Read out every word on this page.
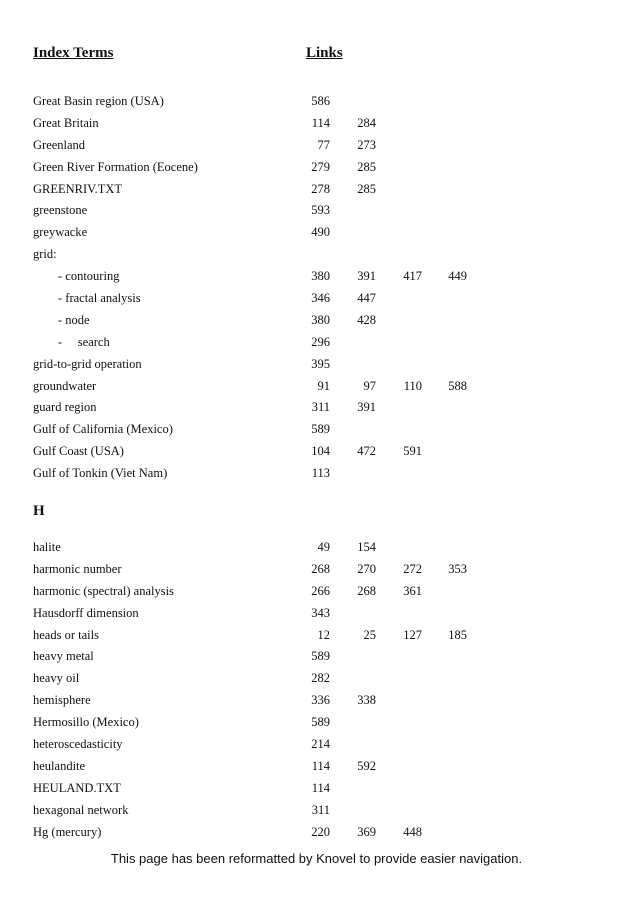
Index Terms	Links
Great Basin region (USA)	586
Great Britain	114	284
Greenland	77	273
Green River Formation (Eocene)	279	285
GREENRIV.TXT	278	285
greenstone	593
greywacke	490
grid:
- contouring	380	391	417	449
- fractal analysis	346	447
- node	380	428
-     search	296
grid-to-grid operation	395
groundwater	91	97	110	588
guard region	311	391
Gulf of California (Mexico)	589
Gulf Coast (USA)	104	472	591
Gulf of Tonkin (Viet Nam)	113
H
halite	49	154
harmonic number	268	270	272	353
harmonic (spectral) analysis	266	268	361
Hausdorff dimension	343
heads or tails	12	25	127	185
heavy metal	589
heavy oil	282
hemisphere	336	338
Hermosillo (Mexico)	589
heteroscedasticity	214
heulandite	114	592
HEULAND.TXT	114
hexagonal network	311
Hg (mercury)	220	369	448
This page has been reformatted by Knovel to provide easier navigation.
